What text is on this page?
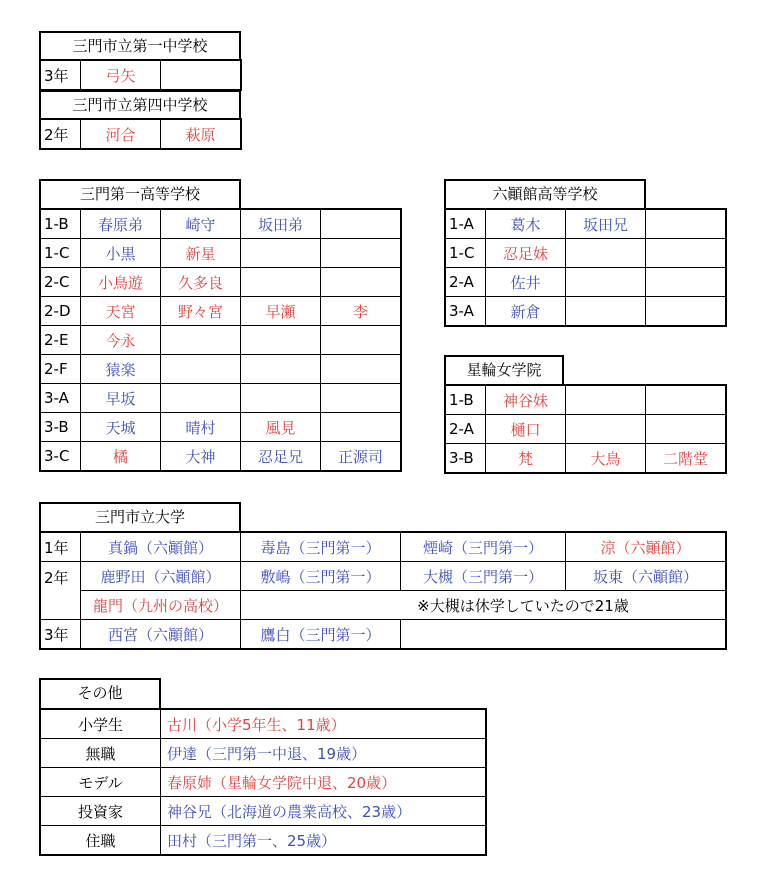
三門市立第一中学校
3年	弓矢	
三門市立第四中学校
2年	河合	萩原
三門第一高等学校
1-B	春原弟	崎守	坂田弟	
1-C	小黒	新星		
2-C	小鳥遊	久多良		
2-D	天宮	野々宮	早瀬	李
2-E	今永			
2-F	猿楽			
3-A	早坂			
3-B	天城	晴村	風見	
3-C	橘	大神	忍足兄	正源司
六顚館高等学校
1-A	葛木	坂田兄	
1-C	忍足妹		
2-A	佐井		
3-A	新倉		
星輪女学院
1-B	神谷妹		
2-A	樋口		
3-B	梵	大鳥	二階堂
三門市立大学
1年	真鍋（六顚館）	毒島（三門第一）	煙崎（三門第一）	涼（六顚館）
2年	鹿野田（六顚館）	敷嶋（三門第一）	大槻（三門第一）	坂東（六顚館）
	龍門（九州の高校）	※大槻は休学していたので21歳		
3年	西宮（六顚館）	鷹白（三門第一）		
その他
小学生	古川（小学5年生、11歳）
無職	伊達（三門第一中退、19歳）
モデル	春原姉（星輪女学院中退、20歳）
投資家	神谷兄（北海道の農業高校、23歳）
住職	田村（三門第一、25歳）
